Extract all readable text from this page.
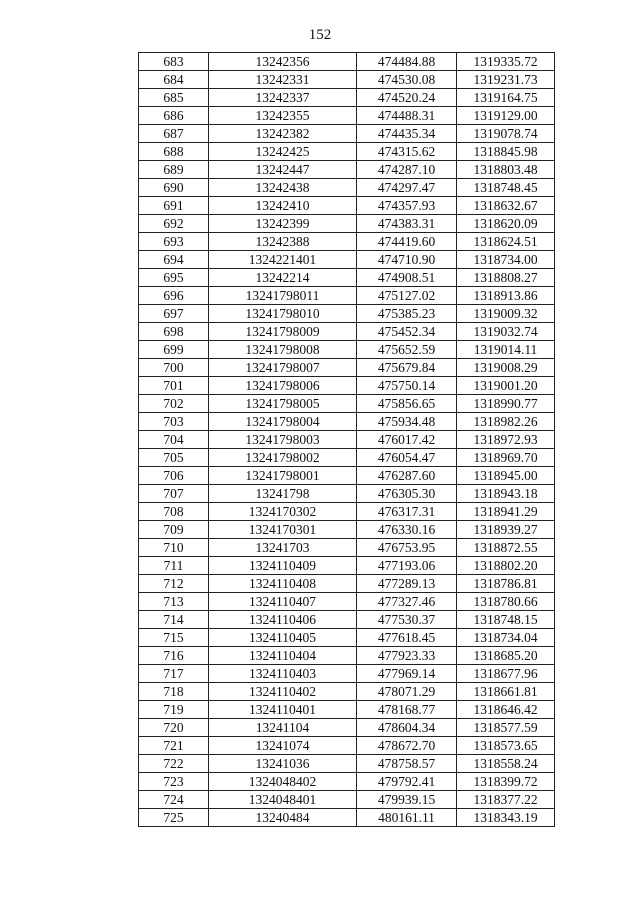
152
683	13242356	474484.88	1319335.72
684	13242331	474530.08	1319231.73
685	13242337	474520.24	1319164.75
686	13242355	474488.31	1319129.00
687	13242382	474435.34	1319078.74
688	13242425	474315.62	1318845.98
689	13242447	474287.10	1318803.48
690	13242438	474297.47	1318748.45
691	13242410	474357.93	1318632.67
692	13242399	474383.31	1318620.09
693	13242388	474419.60	1318624.51
694	1324221401	474710.90	1318734.00
695	13242214	474908.51	1318808.27
696	13241798011	475127.02	1318913.86
697	13241798010	475385.23	1319009.32
698	13241798009	475452.34	1319032.74
699	13241798008	475652.59	1319014.11
700	13241798007	475679.84	1319008.29
701	13241798006	475750.14	1319001.20
702	13241798005	475856.65	1318990.77
703	13241798004	475934.48	1318982.26
704	13241798003	476017.42	1318972.93
705	13241798002	476054.47	1318969.70
706	13241798001	476287.60	1318945.00
707	13241798	476305.30	1318943.18
708	1324170302	476317.31	1318941.29
709	1324170301	476330.16	1318939.27
710	13241703	476753.95	1318872.55
711	1324110409	477193.06	1318802.20
712	1324110408	477289.13	1318786.81
713	1324110407	477327.46	1318780.66
714	1324110406	477530.37	1318748.15
715	1324110405	477618.45	1318734.04
716	1324110404	477923.33	1318685.20
717	1324110403	477969.14	1318677.96
718	1324110402	478071.29	1318661.81
719	1324110401	478168.77	1318646.42
720	13241104	478604.34	1318577.59
721	13241074	478672.70	1318573.65
722	13241036	478758.57	1318558.24
723	1324048402	479792.41	1318399.72
724	1324048401	479939.15	1318377.22
725	13240484	480161.11	1318343.19
